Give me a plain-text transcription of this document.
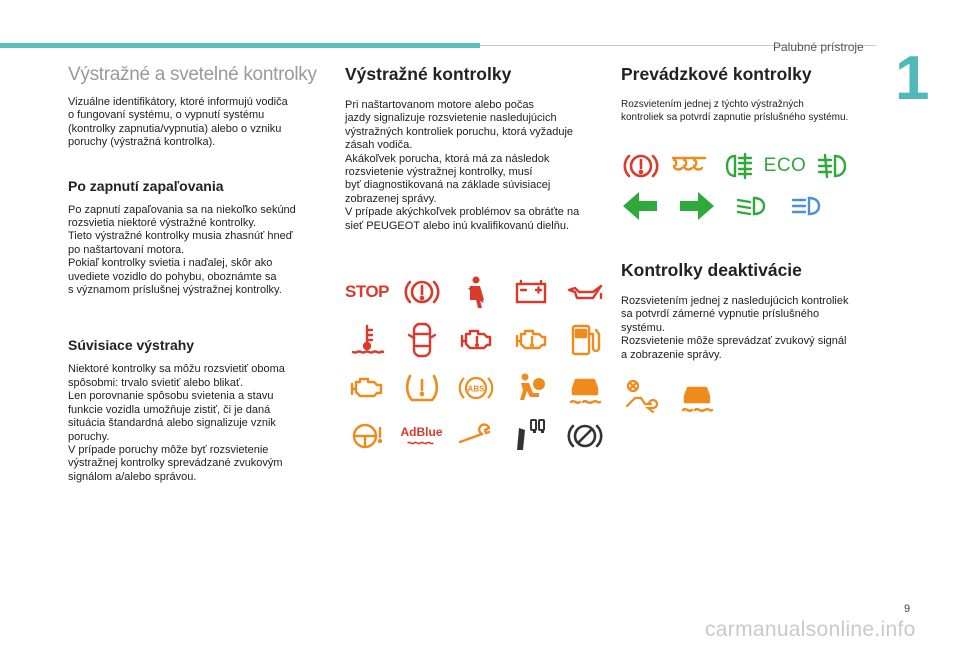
Palubné prístroje 1
Výstražné a svetelné kontrolky

Vizuálne identifikátory, ktoré informujú vodiča
o fungovaní systému, o vypnutí systému
(kontrolky zapnutia/vypnutia) alebo o vzniku
poruchy (výstražná kontrolka).

Po zapnutí zapaľovania

Po zapnutí zapaľovania sa na niekoľko sekúnd
rozsvietia niektoré výstražné kontrolky.
Tieto výstražné kontrolky musia zhasnúť hneď
po naštartovaní motora.
Pokiaľ kontrolky svietia i naďalej, skôr ako
uvediete vozidlo do pohybu, oboznámte sa
s významom príslušnej výstražnej kontrolky.

Súvisiace výstrahy

Niektoré kontrolky sa môžu rozsvietiť oboma
spôsobmi: trvalo svietiť alebo blikať.
Len porovnanie spôsobu svietenia a stavu
funkcie vozidla umožňuje zistiť, či je daná
situácia štandardná alebo signalizuje vznik
poruchy.
V prípade poruchy môže byť rozsvietenie
výstražnej kontrolky sprevádzané zvukovým
signálom a/alebo správou.

Výstražné kontrolky

Pri naštartovanom motore alebo počas
jazdy signalizuje rozsvietenie nasledujúcich
výstražných kontroliek poruchu, ktorá vyžaduje
zásah vodiča.
Akákoľvek porucha, ktorá má za následok
rozsvietenie výstražnej kontrolky, musí
byť diagnostikovaná na základe súvisiacej
zobrazenej správy.
V prípade akýchkoľvek problémov sa obráťte na
sieť PEUGEOT alebo inú kvalifikovanú dielňu.

STOP
ABS
AdBlue
Prevádzkové kontrolky

Rozsvietením jednej z týchto výstražných
kontroliek sa potvrdí zapnutie príslušného systému.

ECO
Kontrolky deaktivácie

Rozsvietením jednej z nasledujúcich kontroliek
sa potvrdí zámerné vypnutie príslušného
systému.
Rozsvietenie môže sprevádzať zvukový signál
a zobrazenie správy.

9
carmanualsonline.info
